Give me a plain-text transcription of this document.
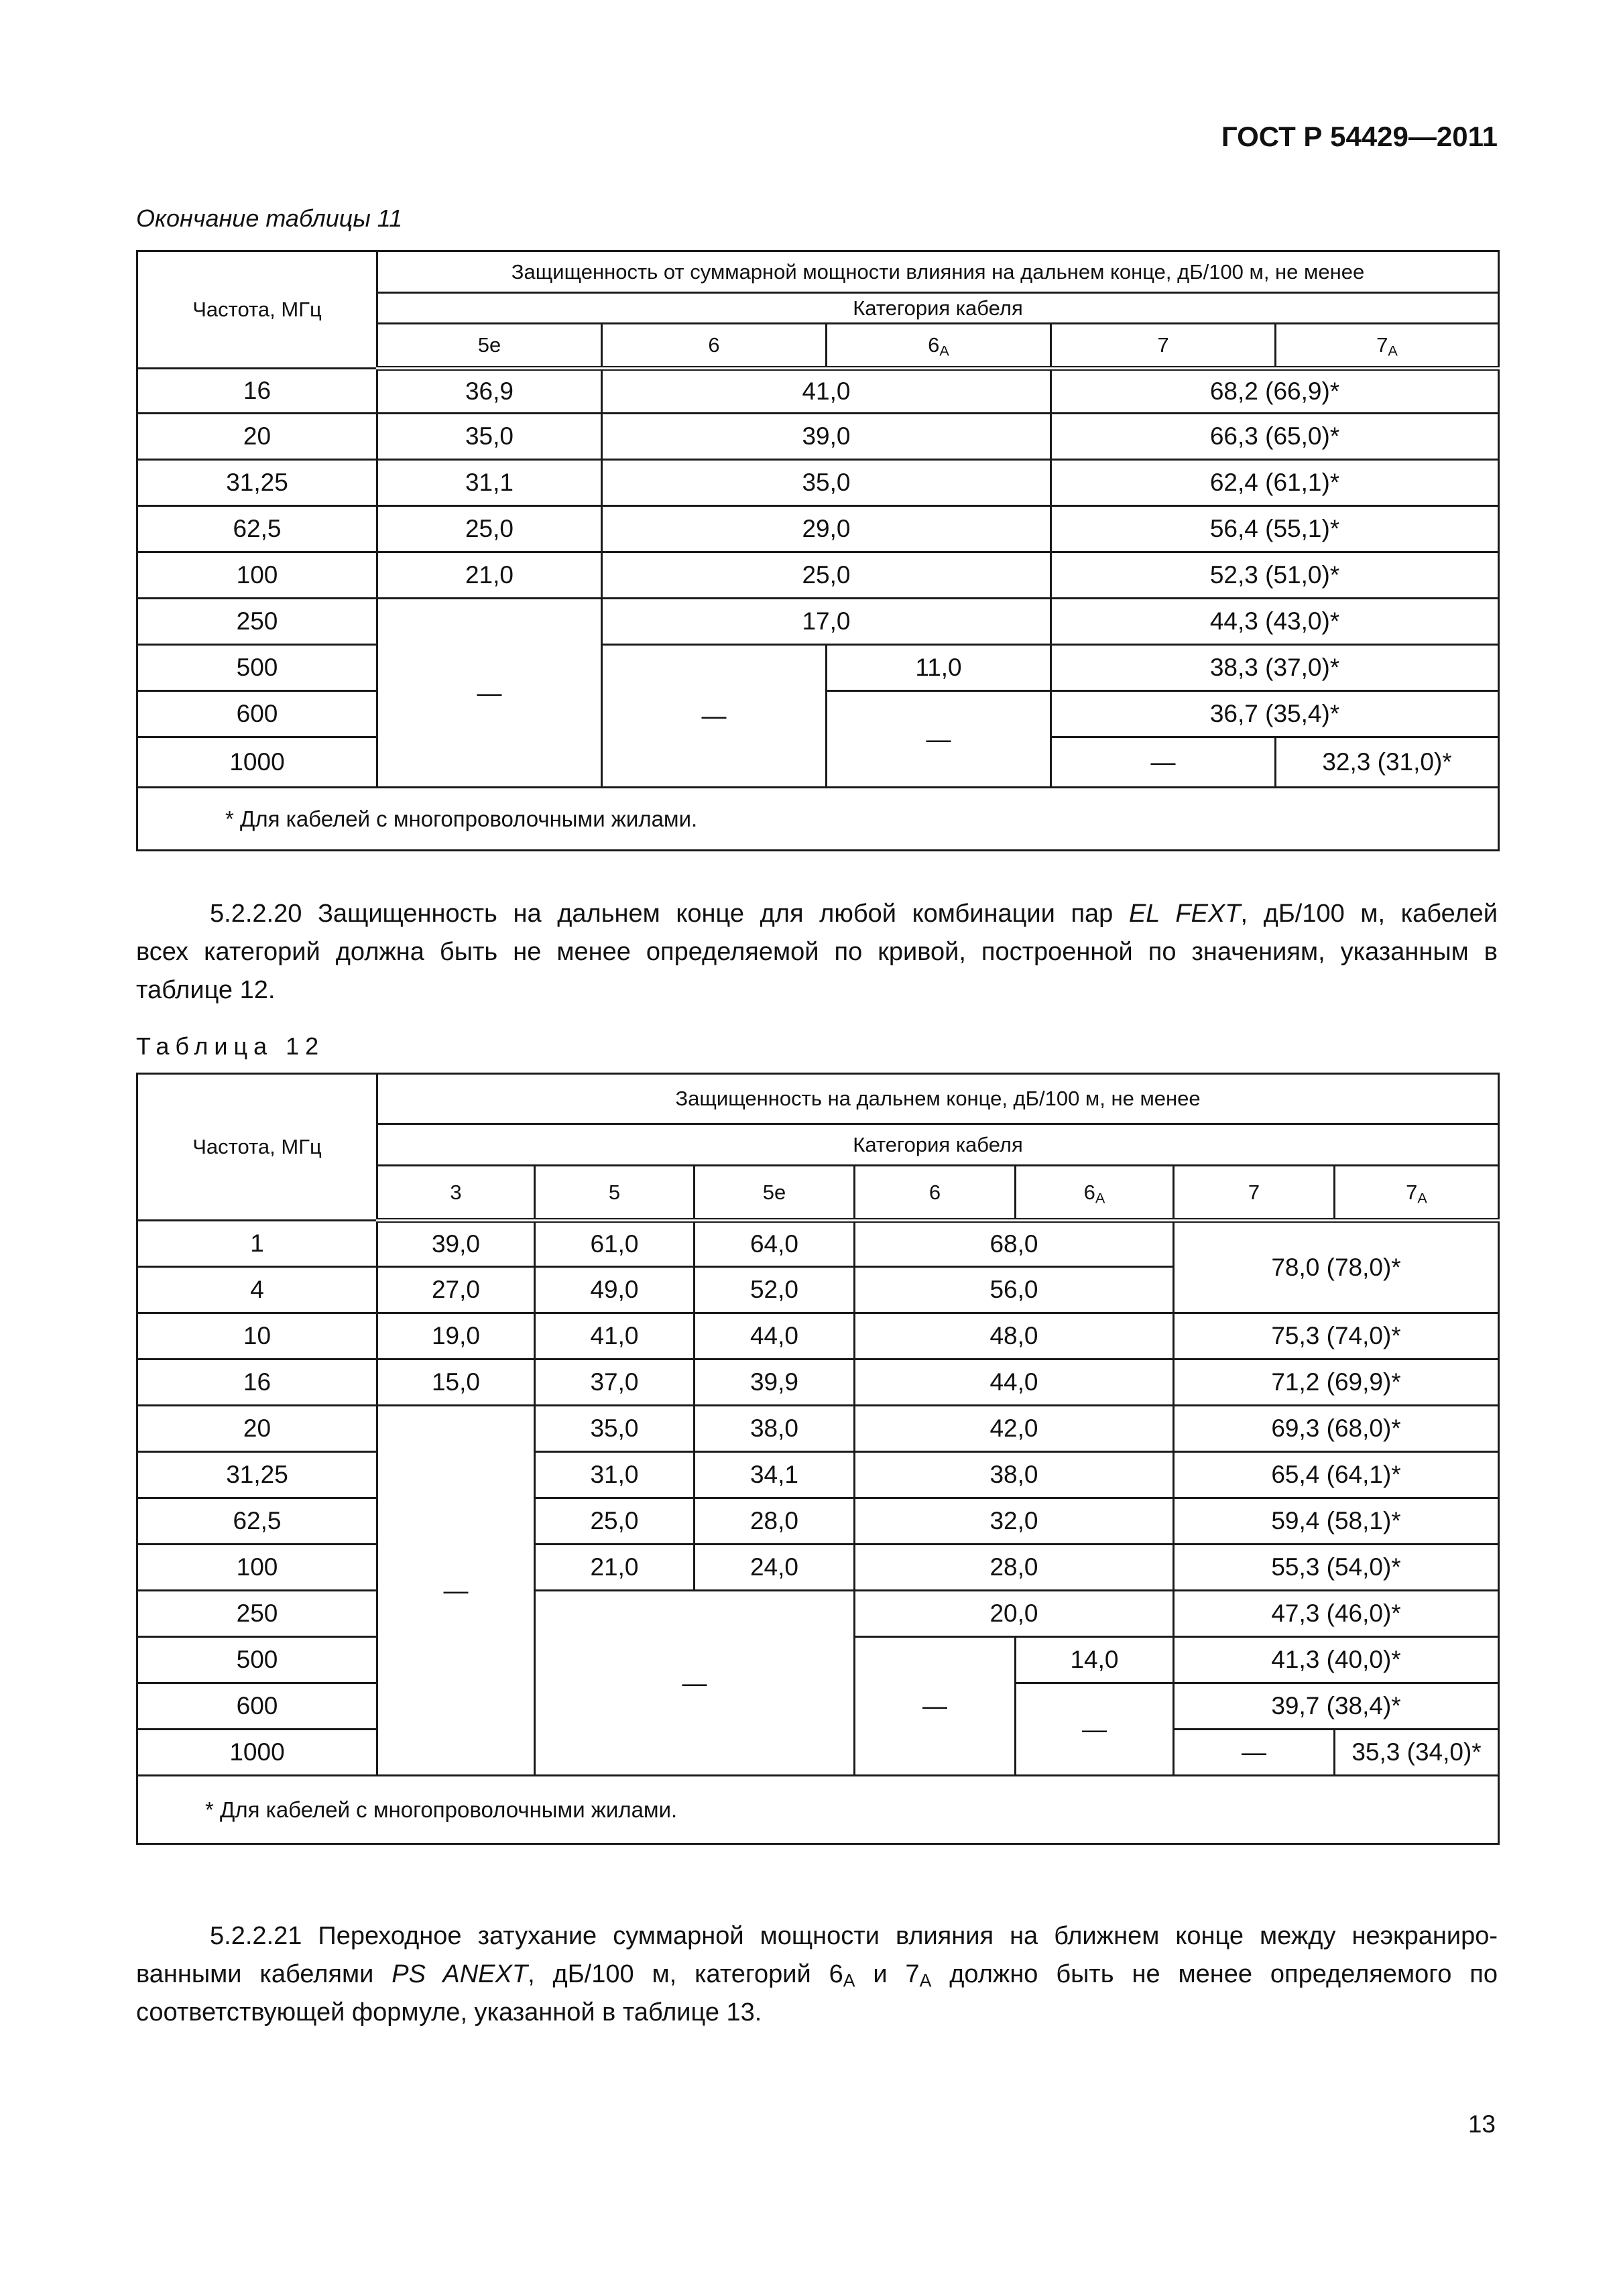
ГОСТ Р 54429—2011
Окончание таблицы 11
Частота, МГц	Защищенность от суммарной мощности влияния на дальнем конце, дБ/100 м, не менее				
	Категория кабеля				
	5e	6	$6_A$	7	$7_A$
16	36,9	41,0		68,2 (66,9)*	
20	35,0	39,0		66,3 (65,0)*	
31,25	31,1	35,0		62,4 (61,1)*	
62,5	25,0	29,0		56,4 (55,1)*	
100	21,0	25,0		52,3 (51,0)*	
250	—	17,0		44,3 (43,0)*	
500		—	11,0	38,3 (37,0)*	
600			—	36,7 (35,4)*	
1000				—	32,3 (31,0)*
* Для кабелей с многопроволочными жилами.					
5.2.2.20 Защищенность на дальнем конце для любой комбинации пар EL FEXT, дБ/100 м, кабелей
всех категорий должна быть не менее определяемой по кривой, построенной по значениям, указанным в
таблице 12.
Таблица 12
Частота, МГц	Защищенность на дальнем конце, дБ/100 м, не менее						
	Категория кабеля						
	3	5	5e	6	$6_A$	7	$7_A$
1	39,0	61,0	64,0	68,0		78,0 (78,0)*	
4	27,0	49,0	52,0	56,0			
10	19,0	41,0	44,0	48,0		75,3 (74,0)*	
16	15,0	37,0	39,9	44,0		71,2 (69,9)*	
20	—	35,0	38,0	42,0		69,3 (68,0)*	
31,25		31,0	34,1	38,0		65,4 (64,1)*	
62,5		25,0	28,0	32,0		59,4 (58,1)*	
100		21,0	24,0	28,0		55,3 (54,0)*	
250		—		20,0		47,3 (46,0)*	
500				—	14,0	41,3 (40,0)*	
600					—	39,7 (38,4)*	
1000						—	35,3 (34,0)*
* Для кабелей с многопроволочными жилами.							
5.2.2.21 Переходное затухание суммарной мощности влияния на ближнем конце между неэкраниро-
ванными кабелями PS ANEXT, дБ/100 м, категорий $6_A$ и $7_A$ должно быть не менее определяемого по
соответствующей формуле, указанной в таблице 13.
13
